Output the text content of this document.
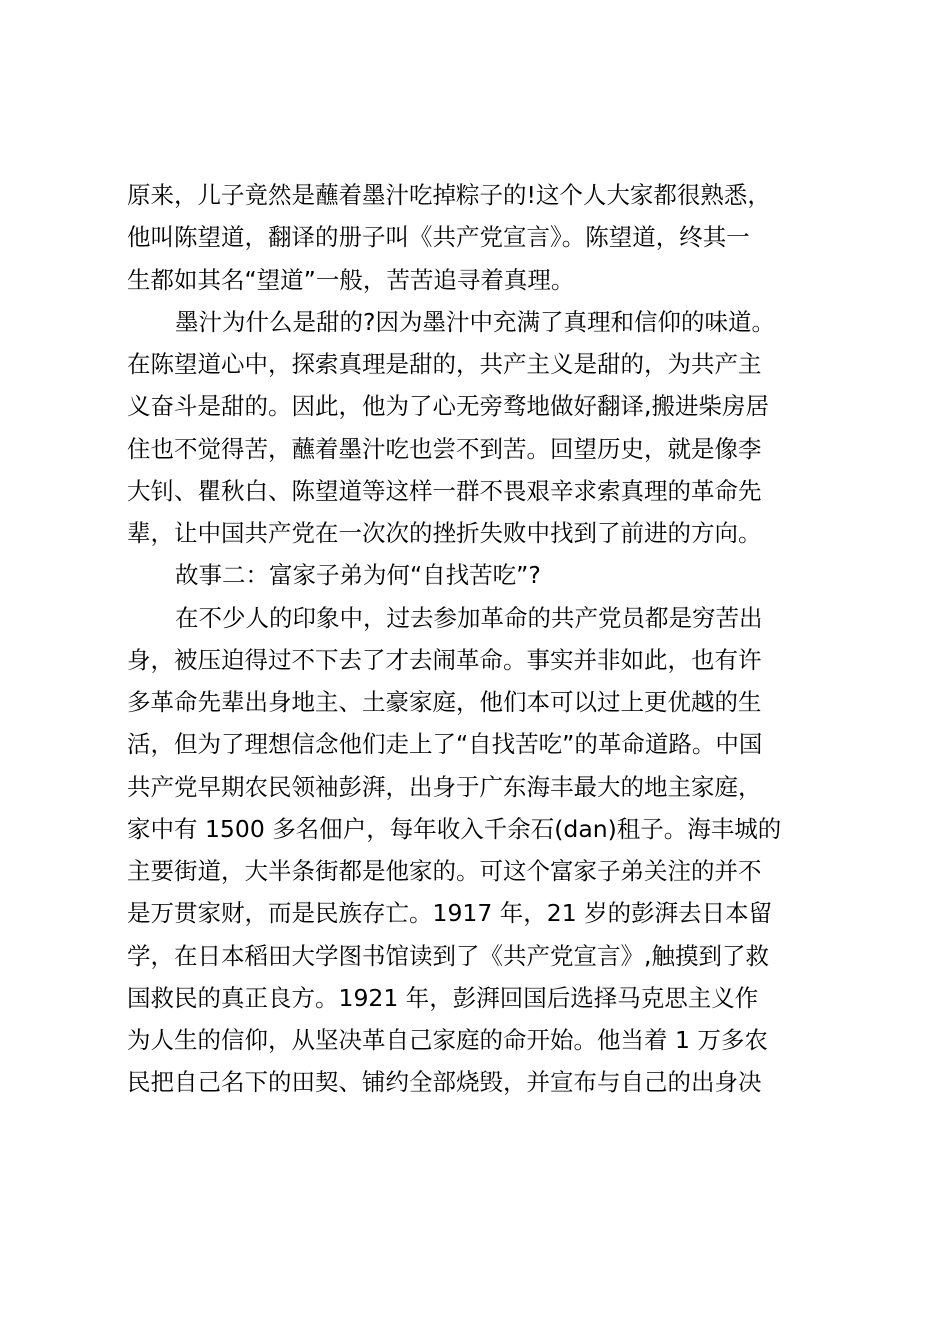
原来，儿子竟然是蘸着墨汁吃掉粽子的!这个人大家都很熟悉，
他叫陈望道，翻译的册子叫《共产党宣言》。陈望道，终其一
生都如其名“望道”一般，苦苦追寻着真理。
墨汁为什么是甜的?因为墨汁中充满了真理和信仰的味道。
在陈望道心中，探索真理是甜的，共产主义是甜的，为共产主
义奋斗是甜的。因此，他为了心无旁骛地做好翻译,搬进柴房居
住也不觉得苦，蘸着墨汁吃也尝不到苦。回望历史，就是像李
大钊、瞿秋白、陈望道等这样一群不畏艰辛求索真理的革命先
辈，让中国共产党在一次次的挫折失败中找到了前进的方向。
故事二：富家子弟为何“自找苦吃”?
在不少人的印象中，过去参加革命的共产党员都是穷苦出
身，被压迫得过不下去了才去闹革命。事实并非如此，也有许
多革命先辈出身地主、土豪家庭，他们本可以过上更优越的生
活，但为了理想信念他们走上了“自找苦吃”的革命道路。中国
共产党早期农民领袖彭湃，出身于广东海丰最大的地主家庭，
家中有 1500 多名佃户，每年收入千余石(dan)租子。海丰城的
主要街道，大半条街都是他家的。可这个富家子弟关注的并不
是万贯家财，而是民族存亡。1917 年，21 岁的彭湃去日本留
学，在日本稻田大学图书馆读到了《共产党宣言》,触摸到了救
国救民的真正良方。1921 年，彭湃回国后选择马克思主义作
为人生的信仰，从坚决革自己家庭的命开始。他当着 1 万多农
民把自己名下的田契、铺约全部烧毁，并宣布与自己的出身决
